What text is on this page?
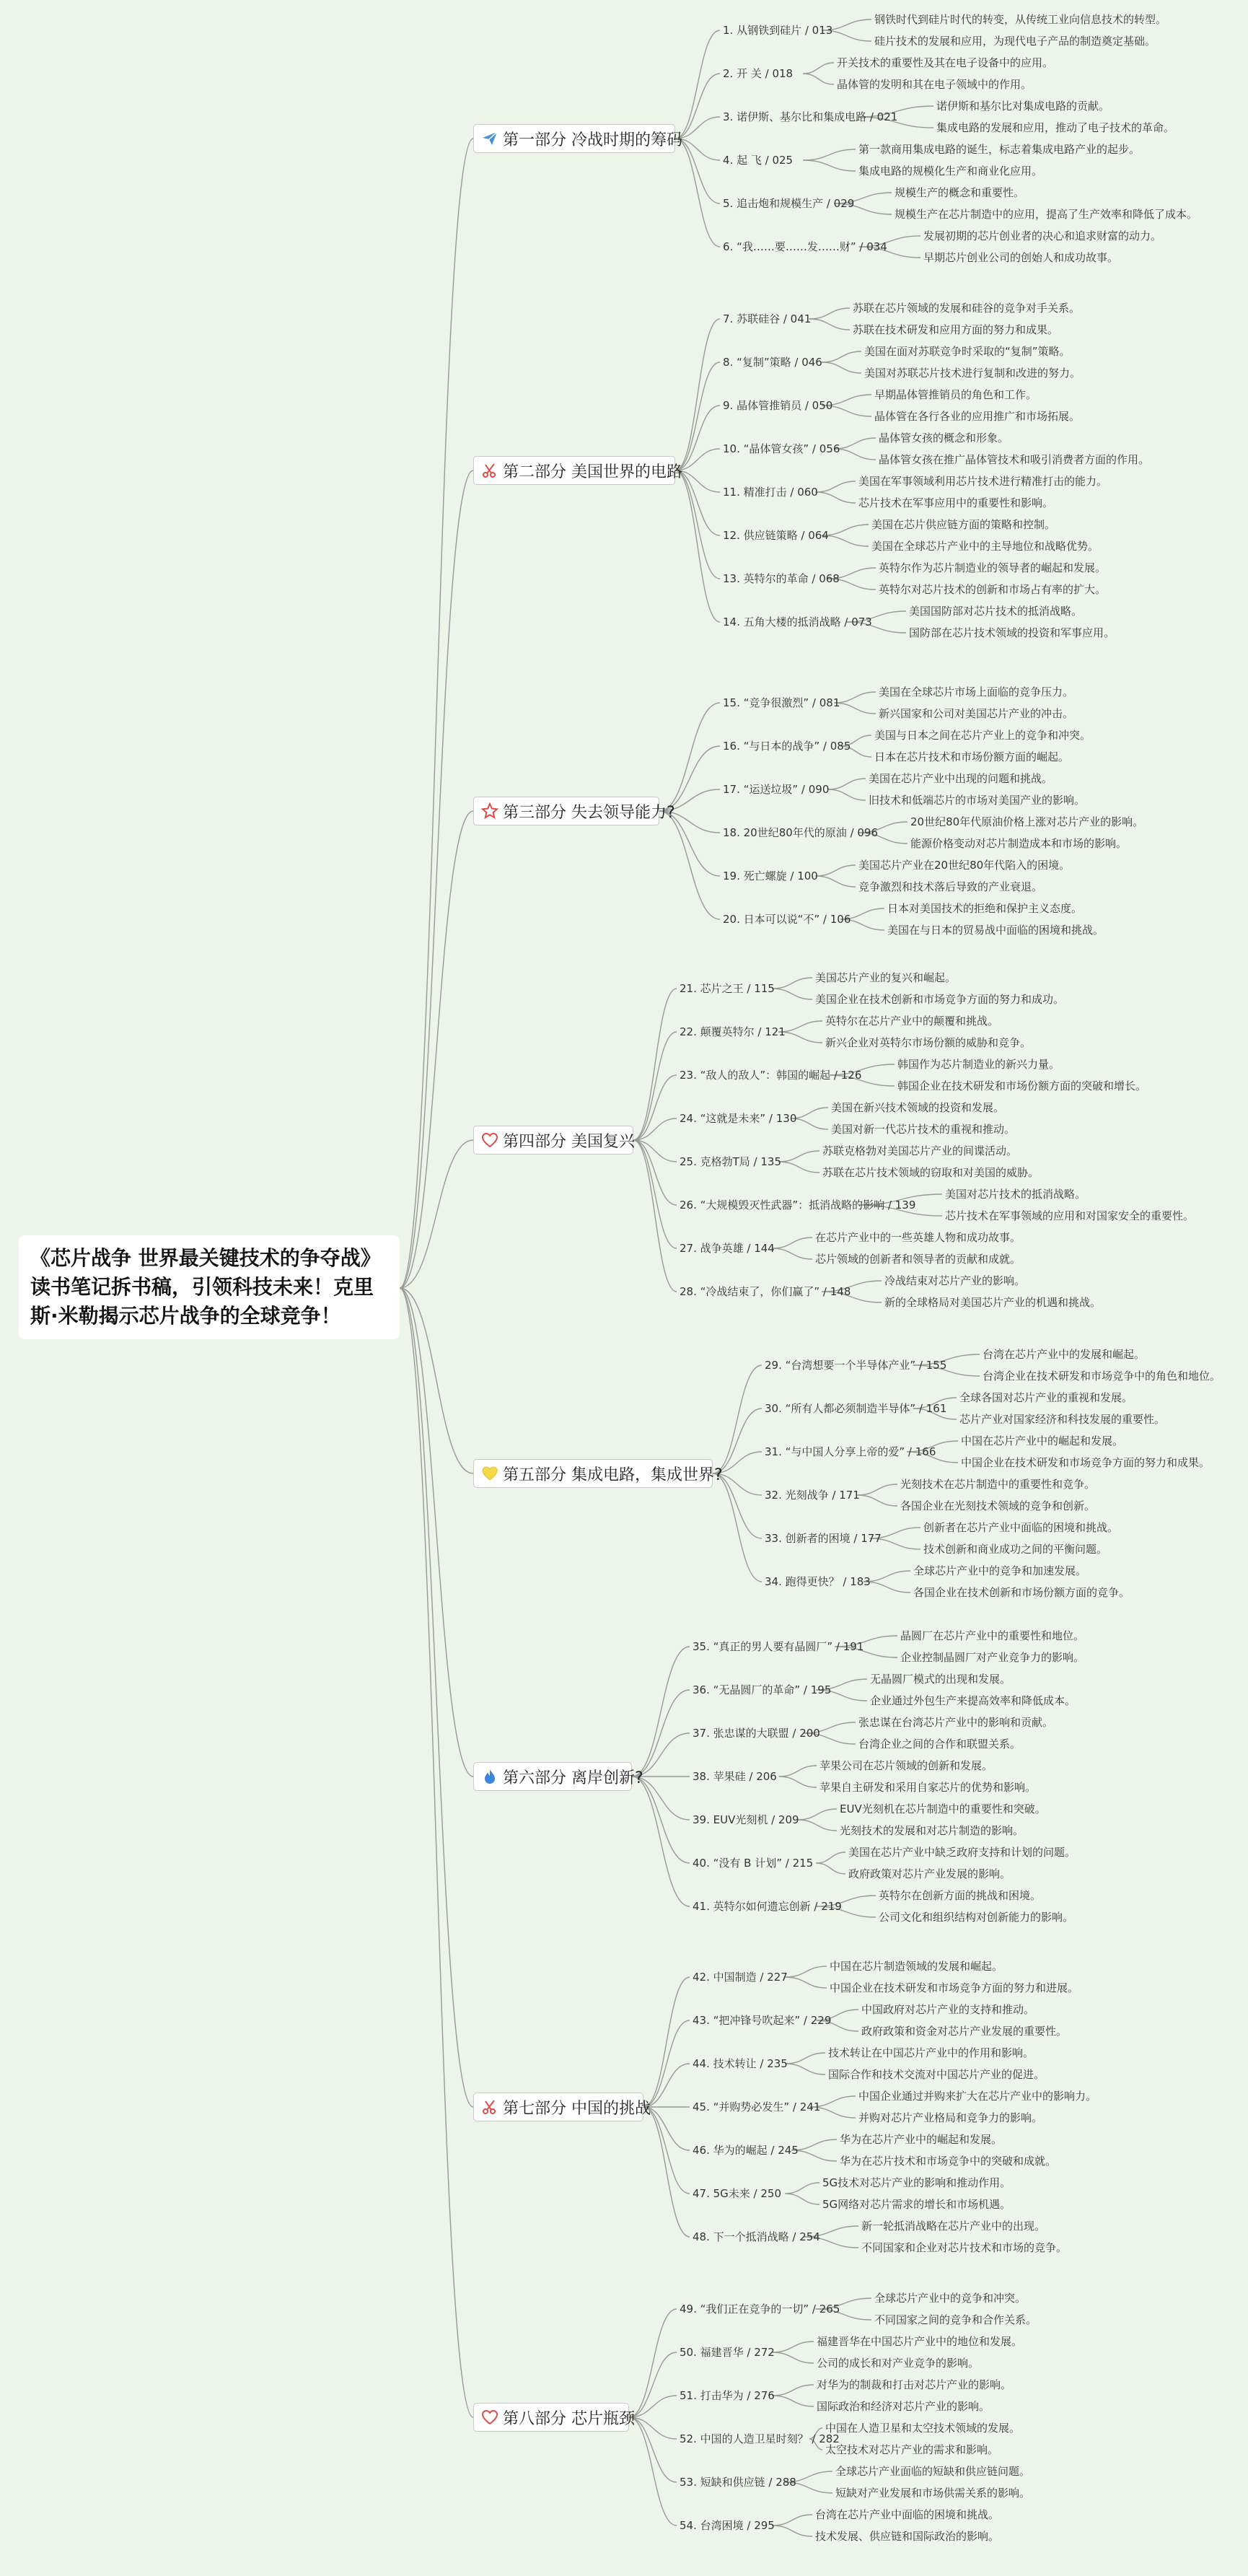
《芯片战争 世界最关键技术的争夺战》读书笔记拆书稿，引领科技未来！克里斯·米勒揭示芯片战争的全球竞争！
第一部分 冷战时期的筹码
1. 从钢铁到硅片 / 013
钢铁时代到硅片时代的转变，从传统工业向信息技术的转型。
硅片技术的发展和应用，为现代电子产品的制造奠定基础。
2. 开 关 / 018
开关技术的重要性及其在电子设备中的应用。
晶体管的发明和其在电子领域中的作用。
3. 诺伊斯、基尔比和集成电路 / 021
诺伊斯和基尔比对集成电路的贡献。
集成电路的发展和应用，推动了电子技术的革命。
4. 起 飞 / 025
第一款商用集成电路的诞生，标志着集成电路产业的起步。
集成电路的规模化生产和商业化应用。
5. 追击炮和规模生产 / 029
规模生产的概念和重要性。
规模生产在芯片制造中的应用，提高了生产效率和降低了成本。
6. “我……要……发……财” / 034
发展初期的芯片创业者的决心和追求财富的动力。
早期芯片创业公司的创始人和成功故事。
第二部分 美国世界的电路
7. 苏联硅谷 / 041
苏联在芯片领域的发展和硅谷的竞争对手关系。
苏联在技术研发和应用方面的努力和成果。
8. “复制”策略 / 046
美国在面对苏联竞争时采取的“复制”策略。
美国对苏联芯片技术进行复制和改进的努力。
9. 晶体管推销员 / 050
早期晶体管推销员的角色和工作。
晶体管在各行各业的应用推广和市场拓展。
10. “晶体管女孩” / 056
晶体管女孩的概念和形象。
晶体管女孩在推广晶体管技术和吸引消费者方面的作用。
11. 精准打击 / 060
美国在军事领域利用芯片技术进行精准打击的能力。
芯片技术在军事应用中的重要性和影响。
12. 供应链策略 / 064
美国在芯片供应链方面的策略和控制。
美国在全球芯片产业中的主导地位和战略优势。
13. 英特尔的革命 / 068
英特尔作为芯片制造业的领导者的崛起和发展。
英特尔对芯片技术的创新和市场占有率的扩大。
14. 五角大楼的抵消战略 / 073
美国国防部对芯片技术的抵消战略。
国防部在芯片技术领域的投资和军事应用。
第三部分 失去领导能力?
15. “竞争很激烈” / 081
美国在全球芯片市场上面临的竞争压力。
新兴国家和公司对美国芯片产业的冲击。
16. “与日本的战争” / 085
美国与日本之间在芯片产业上的竞争和冲突。
日本在芯片技术和市场份额方面的崛起。
17. “运送垃圾” / 090
美国在芯片产业中出现的问题和挑战。
旧技术和低端芯片的市场对美国产业的影响。
18. 20世纪80年代的原油 / 096
20世纪80年代原油价格上涨对芯片产业的影响。
能源价格变动对芯片制造成本和市场的影响。
19. 死亡螺旋 / 100
美国芯片产业在20世纪80年代陷入的困境。
竞争激烈和技术落后导致的产业衰退。
20. 日本可以说“不” / 106
日本对美国技术的拒绝和保护主义态度。
美国在与日本的贸易战中面临的困境和挑战。
第四部分 美国复兴
21. 芯片之王 / 115
美国芯片产业的复兴和崛起。
美国企业在技术创新和市场竞争方面的努力和成功。
22. 颠覆英特尔 / 121
英特尔在芯片产业中的颠覆和挑战。
新兴企业对英特尔市场份额的威胁和竞争。
23. “敌人的敌人”：韩国的崛起 / 126
韩国作为芯片制造业的新兴力量。
韩国企业在技术研发和市场份额方面的突破和增长。
24. “这就是未来” / 130
美国在新兴技术领域的投资和发展。
美国对新一代芯片技术的重视和推动。
25. 克格勃T局 / 135
苏联克格勃对美国芯片产业的间谍活动。
苏联在芯片技术领域的窃取和对美国的威胁。
26. “大规模毁灭性武器”：抵消战略的影响 / 139
美国对芯片技术的抵消战略。
芯片技术在军事领域的应用和对国家安全的重要性。
27. 战争英雄 / 144
在芯片产业中的一些英雄人物和成功故事。
芯片领域的创新者和领导者的贡献和成就。
28. “冷战结束了，你们赢了” / 148
冷战结束对芯片产业的影响。
新的全球格局对美国芯片产业的机遇和挑战。
第五部分 集成电路，集成世界?
29. “台湾想要一个半导体产业” / 155
台湾在芯片产业中的发展和崛起。
台湾企业在技术研发和市场竞争中的角色和地位。
30. “所有人都必须制造半导体” / 161
全球各国对芯片产业的重视和发展。
芯片产业对国家经济和科技发展的重要性。
31. “与中国人分享上帝的爱” / 166
中国在芯片产业中的崛起和发展。
中国企业在技术研发和市场竞争方面的努力和成果。
32. 光刻战争 / 171
光刻技术在芯片制造中的重要性和竞争。
各国企业在光刻技术领域的竞争和创新。
33. 创新者的困境 / 177
创新者在芯片产业中面临的困境和挑战。
技术创新和商业成功之间的平衡问题。
34. 跑得更快？ / 183
全球芯片产业中的竞争和加速发展。
各国企业在技术创新和市场份额方面的竞争。
第六部分 离岸创新?
35. “真正的男人要有晶圆厂” / 191
晶圆厂在芯片产业中的重要性和地位。
企业控制晶圆厂对产业竞争力的影响。
36. “无晶圆厂的革命” / 195
无晶圆厂模式的出现和发展。
企业通过外包生产来提高效率和降低成本。
37. 张忠谋的大联盟 / 200
张忠谋在台湾芯片产业中的影响和贡献。
台湾企业之间的合作和联盟关系。
38. 苹果硅 / 206
苹果公司在芯片领域的创新和发展。
苹果自主研发和采用自家芯片的优势和影响。
39. EUV光刻机 / 209
EUV光刻机在芯片制造中的重要性和突破。
光刻技术的发展和对芯片制造的影响。
40. “没有 B 计划” / 215
美国在芯片产业中缺乏政府支持和计划的问题。
政府政策对芯片产业发展的影响。
41. 英特尔如何遗忘创新 / 219
英特尔在创新方面的挑战和困境。
公司文化和组织结构对创新能力的影响。
第七部分 中国的挑战
42. 中国制造 / 227
中国在芯片制造领域的发展和崛起。
中国企业在技术研发和市场竞争方面的努力和进展。
43. “把冲锋号吹起来” / 229
中国政府对芯片产业的支持和推动。
政府政策和资金对芯片产业发展的重要性。
44. 技术转让 / 235
技术转让在中国芯片产业中的作用和影响。
国际合作和技术交流对中国芯片产业的促进。
45. “并购势必发生” / 241
中国企业通过并购来扩大在芯片产业中的影响力。
并购对芯片产业格局和竞争力的影响。
46. 华为的崛起 / 245
华为在芯片产业中的崛起和发展。
华为在芯片技术和市场竞争中的突破和成就。
47. 5G未来 / 250
5G技术对芯片产业的影响和推动作用。
5G网络对芯片需求的增长和市场机遇。
48. 下一个抵消战略 / 254
新一轮抵消战略在芯片产业中的出现。
不同国家和企业对芯片技术和市场的竞争。
第八部分 芯片瓶颈
49. “我们正在竞争的一切” / 265
全球芯片产业中的竞争和冲突。
不同国家之间的竞争和合作关系。
50. 福建晋华 / 272
福建晋华在中国芯片产业中的地位和发展。
公司的成长和对产业竞争的影响。
51. 打击华为 / 276
对华为的制裁和打击对芯片产业的影响。
国际政治和经济对芯片产业的影响。
52. 中国的人造卫星时刻？ / 282
中国在人造卫星和太空技术领域的发展。
太空技术对芯片产业的需求和影响。
53. 短缺和供应链 / 288
全球芯片产业面临的短缺和供应链问题。
短缺对产业发展和市场供需关系的影响。
54. 台湾困境 / 295
台湾在芯片产业中面临的困境和挑战。
技术发展、供应链和国际政治的影响。
